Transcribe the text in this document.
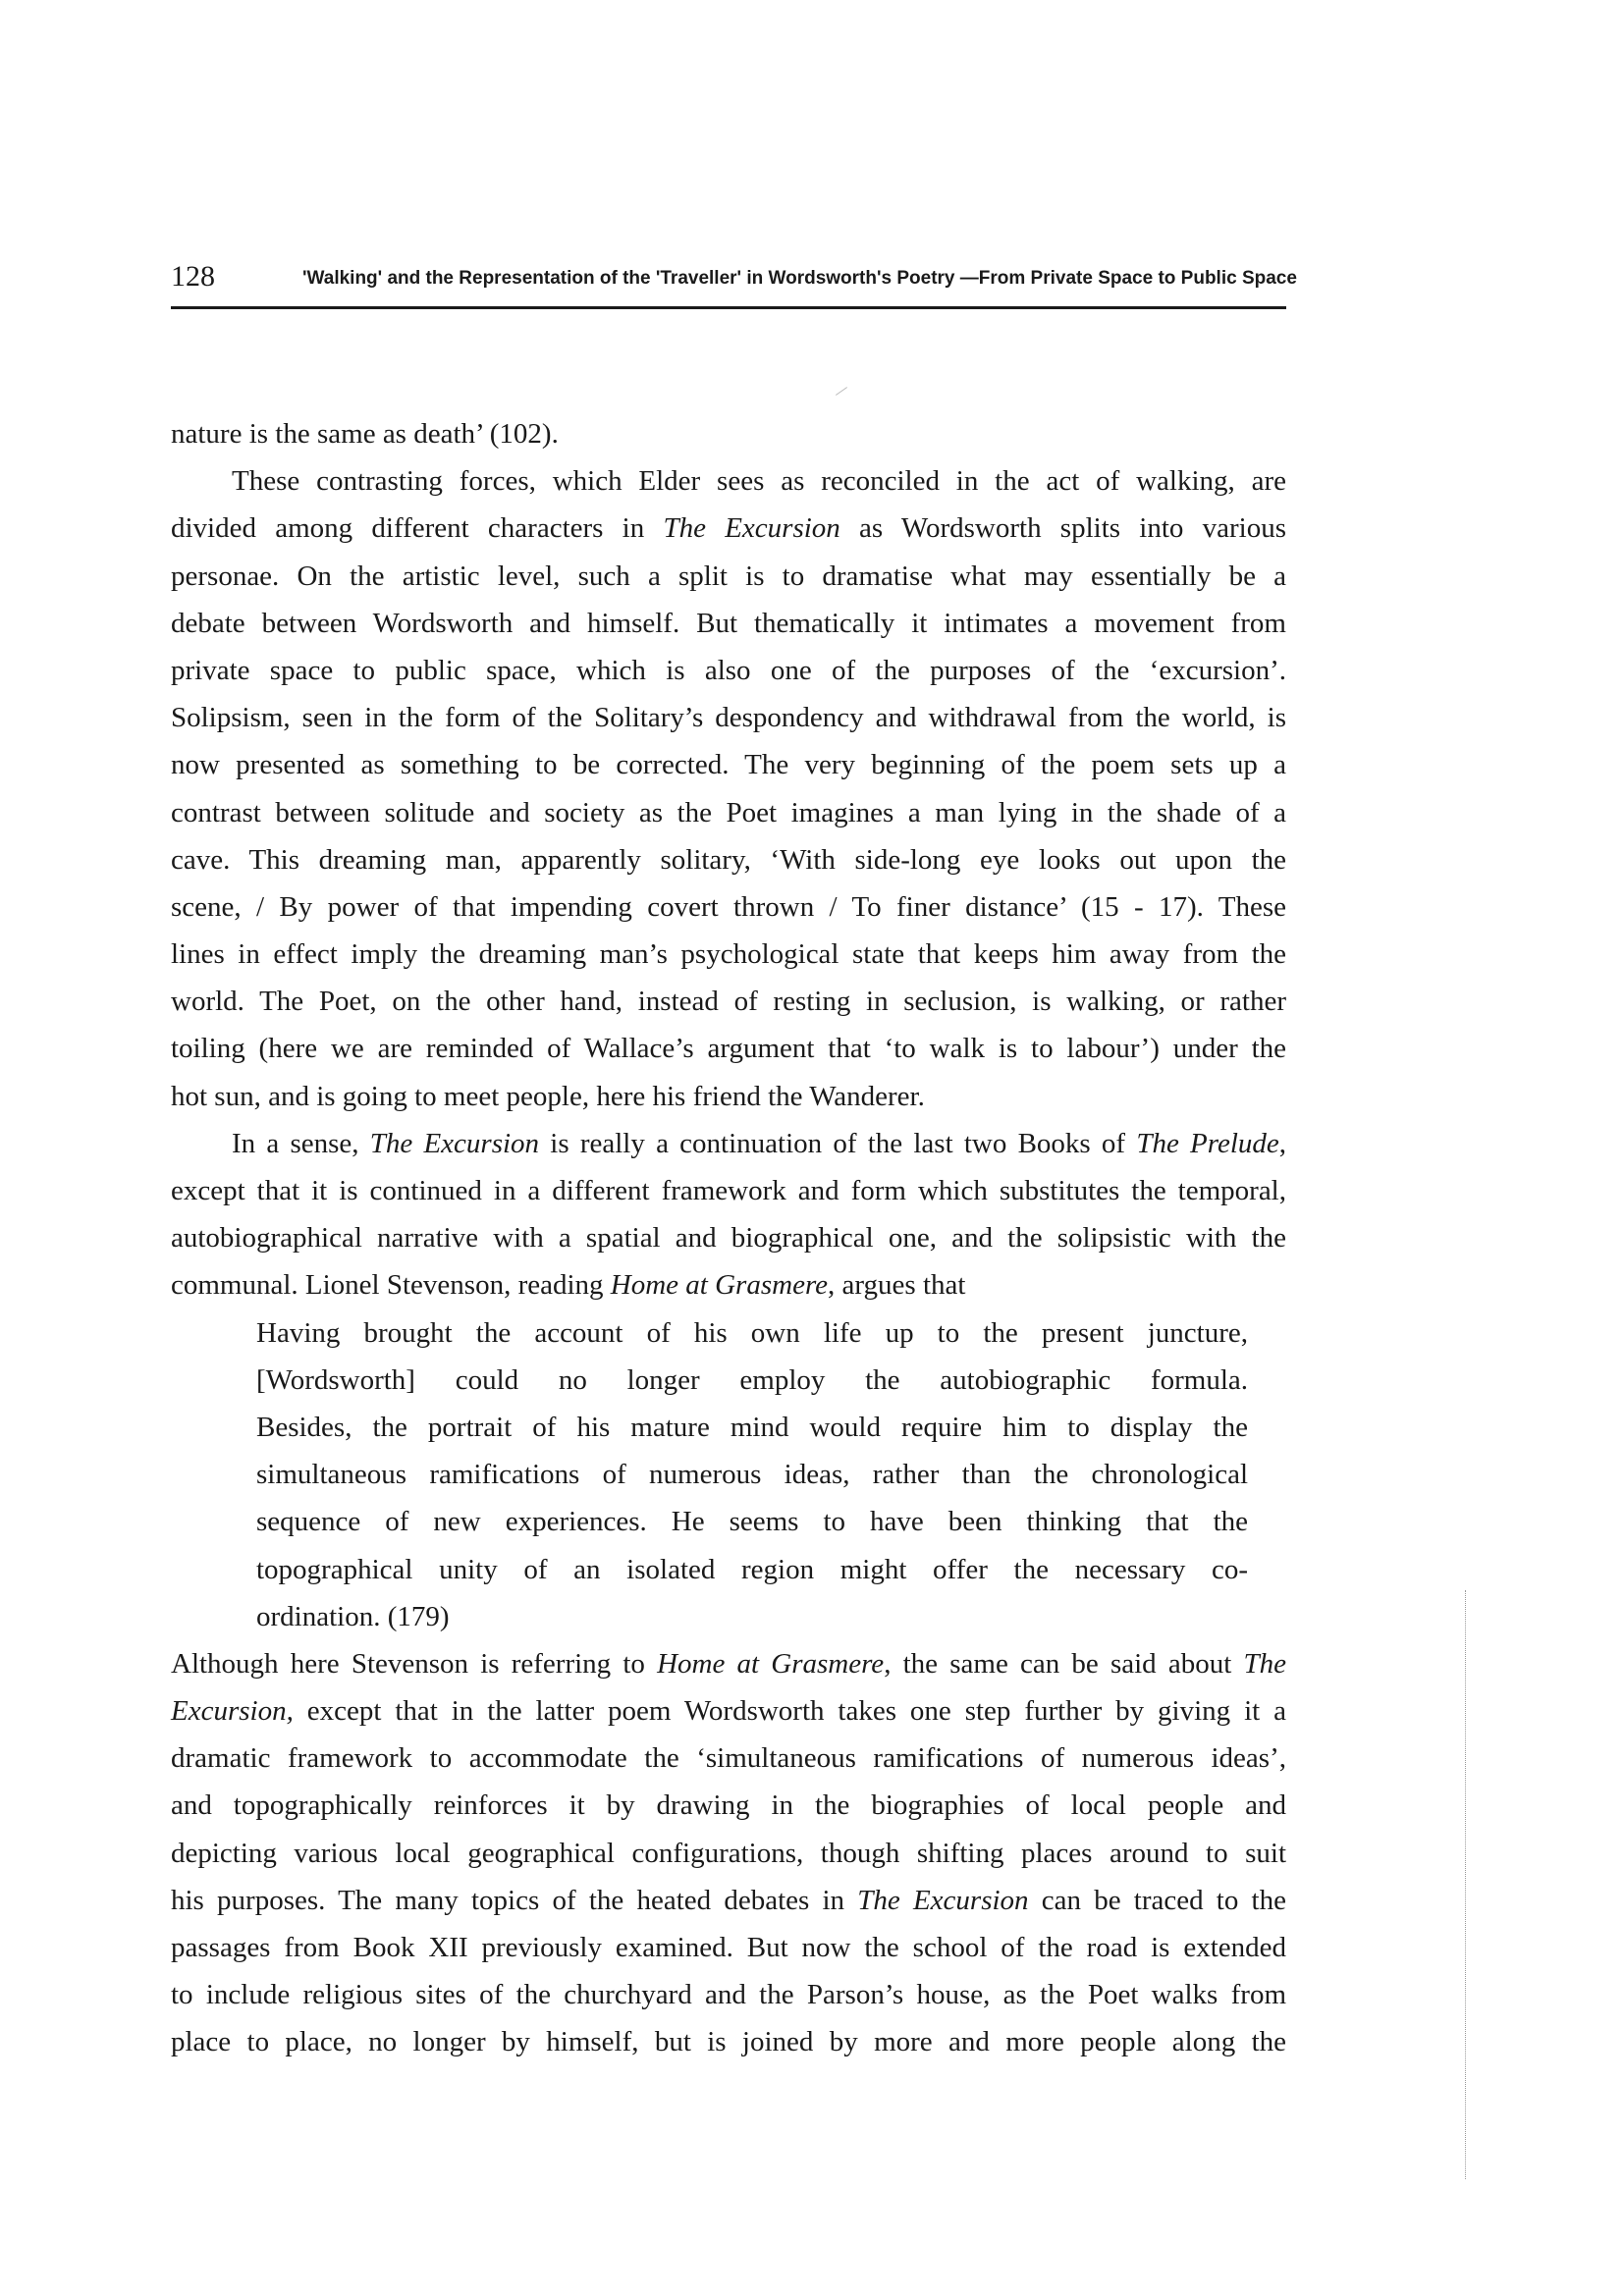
128	'Walking' and the Representation of the 'Traveller' in Wordsworth's Poetry —From Private Space to Public Space
nature is the same as death’ (102).
These contrasting forces, which Elder sees as reconciled in the act of walking, are
divided among different characters in The Excursion as Wordsworth splits into various
personae. On the artistic level, such a split is to dramatise what may essentially be a
debate between Wordsworth and himself. But thematically it intimates a movement from
private space to public space, which is also one of the purposes of the ‘excursion’.
Solipsism, seen in the form of the Solitary’s despondency and withdrawal from the world, is
now presented as something to be corrected. The very beginning of the poem sets up a
contrast between solitude and society as the Poet imagines a man lying in the shade of a
cave. This dreaming man, apparently solitary, ‘With side-long eye looks out upon the
scene, / By power of that impending covert thrown / To finer distance’ (15 - 17). These
lines in effect imply the dreaming man’s psychological state that keeps him away from the
world. The Poet, on the other hand, instead of resting in seclusion, is walking, or rather
toiling (here we are reminded of Wallace’s argument that ‘to walk is to labour’) under the
hot sun, and is going to meet people, here his friend the Wanderer.
In a sense, The Excursion is really a continuation of the last two Books of The Prelude,
except that it is continued in a different framework and form which substitutes the temporal,
autobiographical narrative with a spatial and biographical one, and the solipsistic with the
communal. Lionel Stevenson, reading Home at Grasmere, argues that
Having brought the account of his own life up to the present juncture,
[Wordsworth] could no longer employ the autobiographic formula.
Besides, the portrait of his mature mind would require him to display the
simultaneous ramifications of numerous ideas, rather than the chronological
sequence of new experiences. He seems to have been thinking that the
topographical unity of an isolated region might offer the necessary co-
ordination. (179)
Although here Stevenson is referring to Home at Grasmere, the same can be said about The
Excursion, except that in the latter poem Wordsworth takes one step further by giving it a
dramatic framework to accommodate the ‘simultaneous ramifications of numerous ideas’,
and topographically reinforces it by drawing in the biographies of local people and
depicting various local geographical configurations, though shifting places around to suit
his purposes. The many topics of the heated debates in The Excursion can be traced to the
passages from Book XII previously examined. But now the school of the road is extended
to include religious sites of the churchyard and the Parson’s house, as the Poet walks from
place to place, no longer by himself, but is joined by more and more people along the
